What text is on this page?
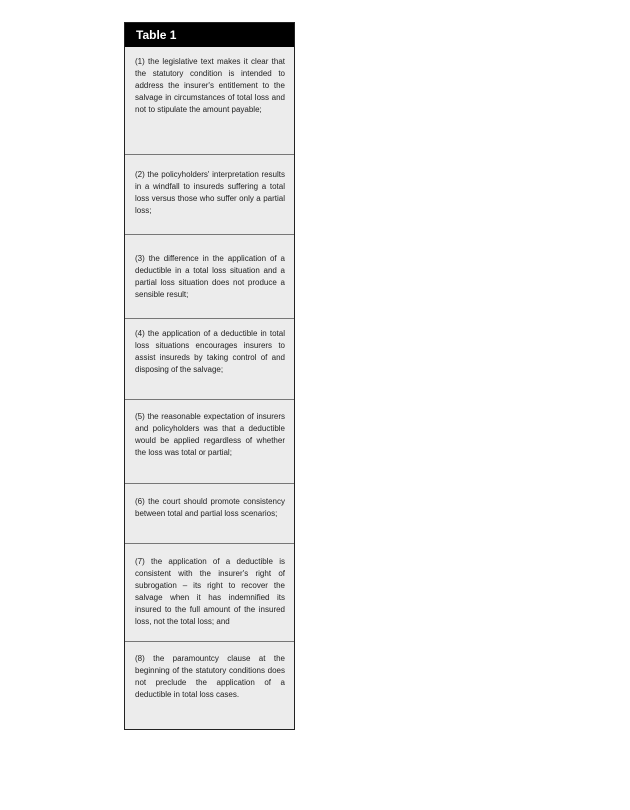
Table 1

(1) the legislative text makes it clear that the statutory condition is intended to address the insurer's entitlement to the salvage in circumstances of total loss and not to stipulate the amount payable;

(2) the policyholders' interpretation results in a windfall to insureds suffering a total loss versus those who suffer only a partial loss;

(3) the difference in the application of a deductible in a total loss situation and a partial loss situation does not produce a sensible result;

(4) the application of a deductible in total loss situations encourages insurers to assist insureds by taking control of and disposing of the salvage;

(5) the reasonable expectation of insurers and policyholders was that a deductible would be applied regardless of whether the loss was total or partial;

(6) the court should promote consistency between total and partial loss scenarios;

(7) the application of a deductible is consistent with the insurer's right of subrogation – its right to recover the salvage when it has indemnified its insured to the full amount of the insured loss, not the total loss; and

(8) the paramountcy clause at the beginning of the statutory conditions does not preclude the application of a deductible in total loss cases.
